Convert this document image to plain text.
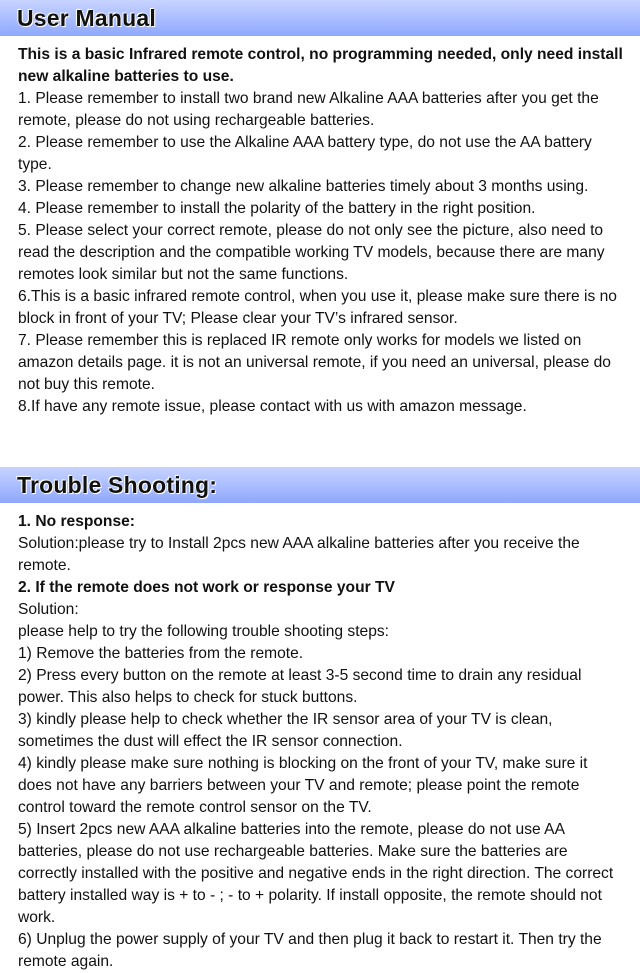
User Manual

This is a basic Infrared remote control, no programming needed, only need install new alkaline batteries to use.

1. Please remember to install two brand new Alkaline AAA batteries after you get the remote, please do not using rechargeable batteries.

2. Please remember to use the Alkaline AAA battery type, do not use the AA battery type.

3. Please remember to change new alkaline batteries timely about 3 months using.

4. Please remember to install the polarity of the battery in the right position.

5. Please select your correct remote, please do not only see the picture, also need to read the description and the compatible working TV models, because there are many remotes look similar but not the same functions.

6.This is a basic infrared remote control, when you use it, please make sure there is no block in front of your TV; Please clear your TV’s infrared sensor.

7. Please remember this is replaced IR remote only works for models we listed on amazon details page. it is not an universal remote, if you need an universal, please do not buy this remote.

8.If have any remote issue, please contact with us with amazon message.

Trouble Shooting:

1. No response:

Solution:please try to Install 2pcs new AAA alkaline batteries after you receive the remote.

2. If the remote does not work or response your TV

Solution:

please help to try the following trouble shooting steps:

1) Remove the batteries from the remote.

2) Press every button on the remote at least 3-5 second time to drain any residual power. This also helps to check for stuck buttons.

3) kindly please help to check whether the IR sensor area of your TV is clean, sometimes the dust will effect the IR sensor connection.

4) kindly please make sure nothing is blocking on the front of your TV, make sure it does not have any barriers between your TV and remote; please point the remote control toward the remote control sensor on the TV.

5) Insert 2pcs new AAA alkaline batteries into the remote, please do not use AA batteries, please do not use rechargeable batteries. Make sure the batteries are correctly installed with the positive and negative ends in the right direction. The correct battery installed way is + to - ; - to + polarity. If install opposite, the remote should not work.

6) Unplug the power supply of your TV and then plug it back to restart it. Then try the remote again.
